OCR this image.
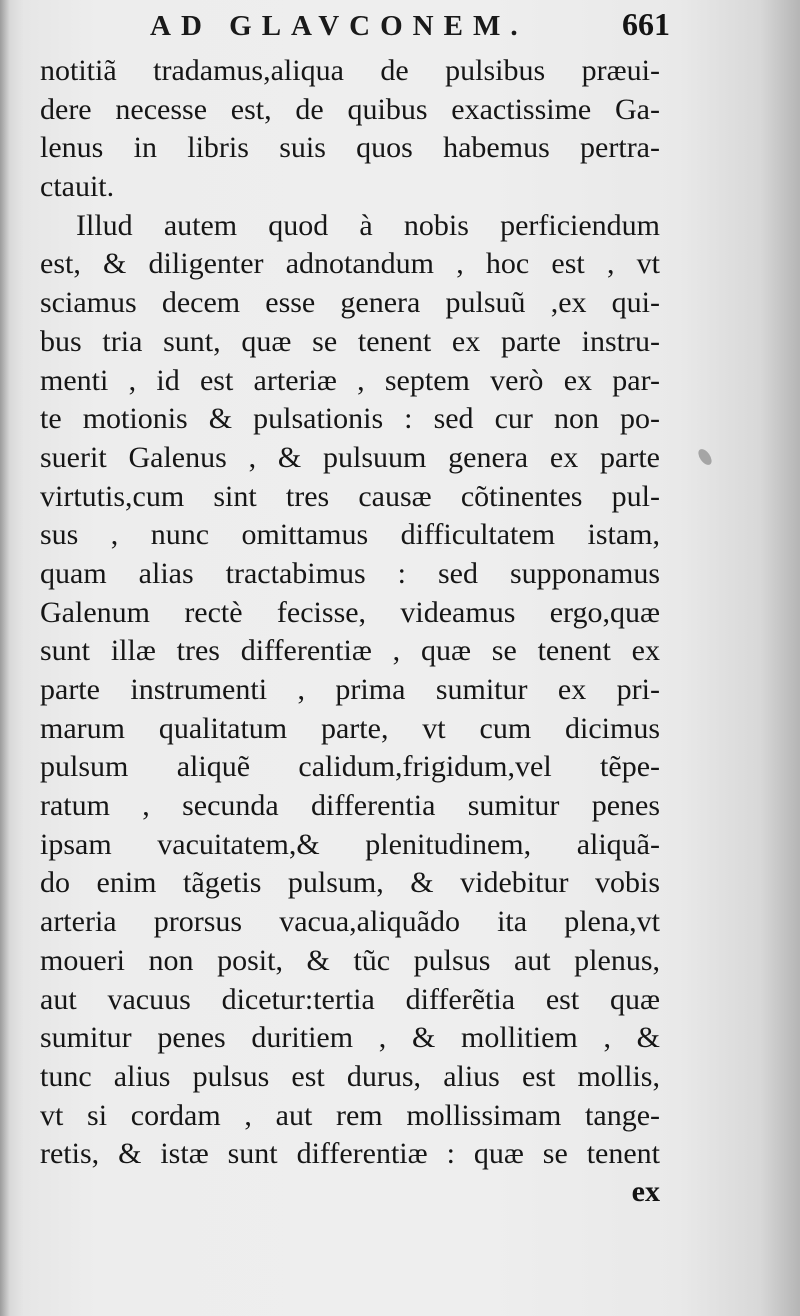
AD GLAVCONEM.	661
notitiã tradamus,aliqua de pulsibus præui-
dere necesse est, de quibus exactissime Ga-
lenus in libris suis quos habemus pertra-
ctauit.
Illud autem quod à nobis perficiendum
est, & diligenter adnotandum , hoc est , vt
sciamus decem esse genera pulsuũ ,ex qui-
bus tria sunt, quæ se tenent ex parte instru-
menti , id est arteriæ , septem verò ex par-
te motionis & pulsationis : sed cur non po-
suerit Galenus , & pulsuum genera ex parte
virtutis,cum sint tres causæ cõtinentes pul-
sus , nunc omittamus difficultatem istam,
quam alias tractabimus : sed supponamus
Galenum rectè fecisse, videamus ergo,quæ
sunt illæ tres differentiæ , quæ se tenent ex
parte instrumenti , prima sumitur ex pri-
marum qualitatum parte, vt cum dicimus
pulsum aliquẽ calidum,frigidum,vel tẽpe-
ratum , secunda differentia sumitur penes
ipsam vacuitatem,& plenitudinem, aliquã-
do enim tãgetis pulsum, & videbitur vobis
arteria prorsus vacua,aliquãdo ita plena,vt
moueri non posit, & tũc pulsus aut plenus,
aut vacuus dicetur:tertia differẽtia est quæ
sumitur penes duritiem , & mollitiem , &
tunc alius pulsus est durus, alius est mollis,
vt si cordam , aut rem mollissimam tange-
retis, & istæ sunt differentiæ : quæ se tenent
ex
